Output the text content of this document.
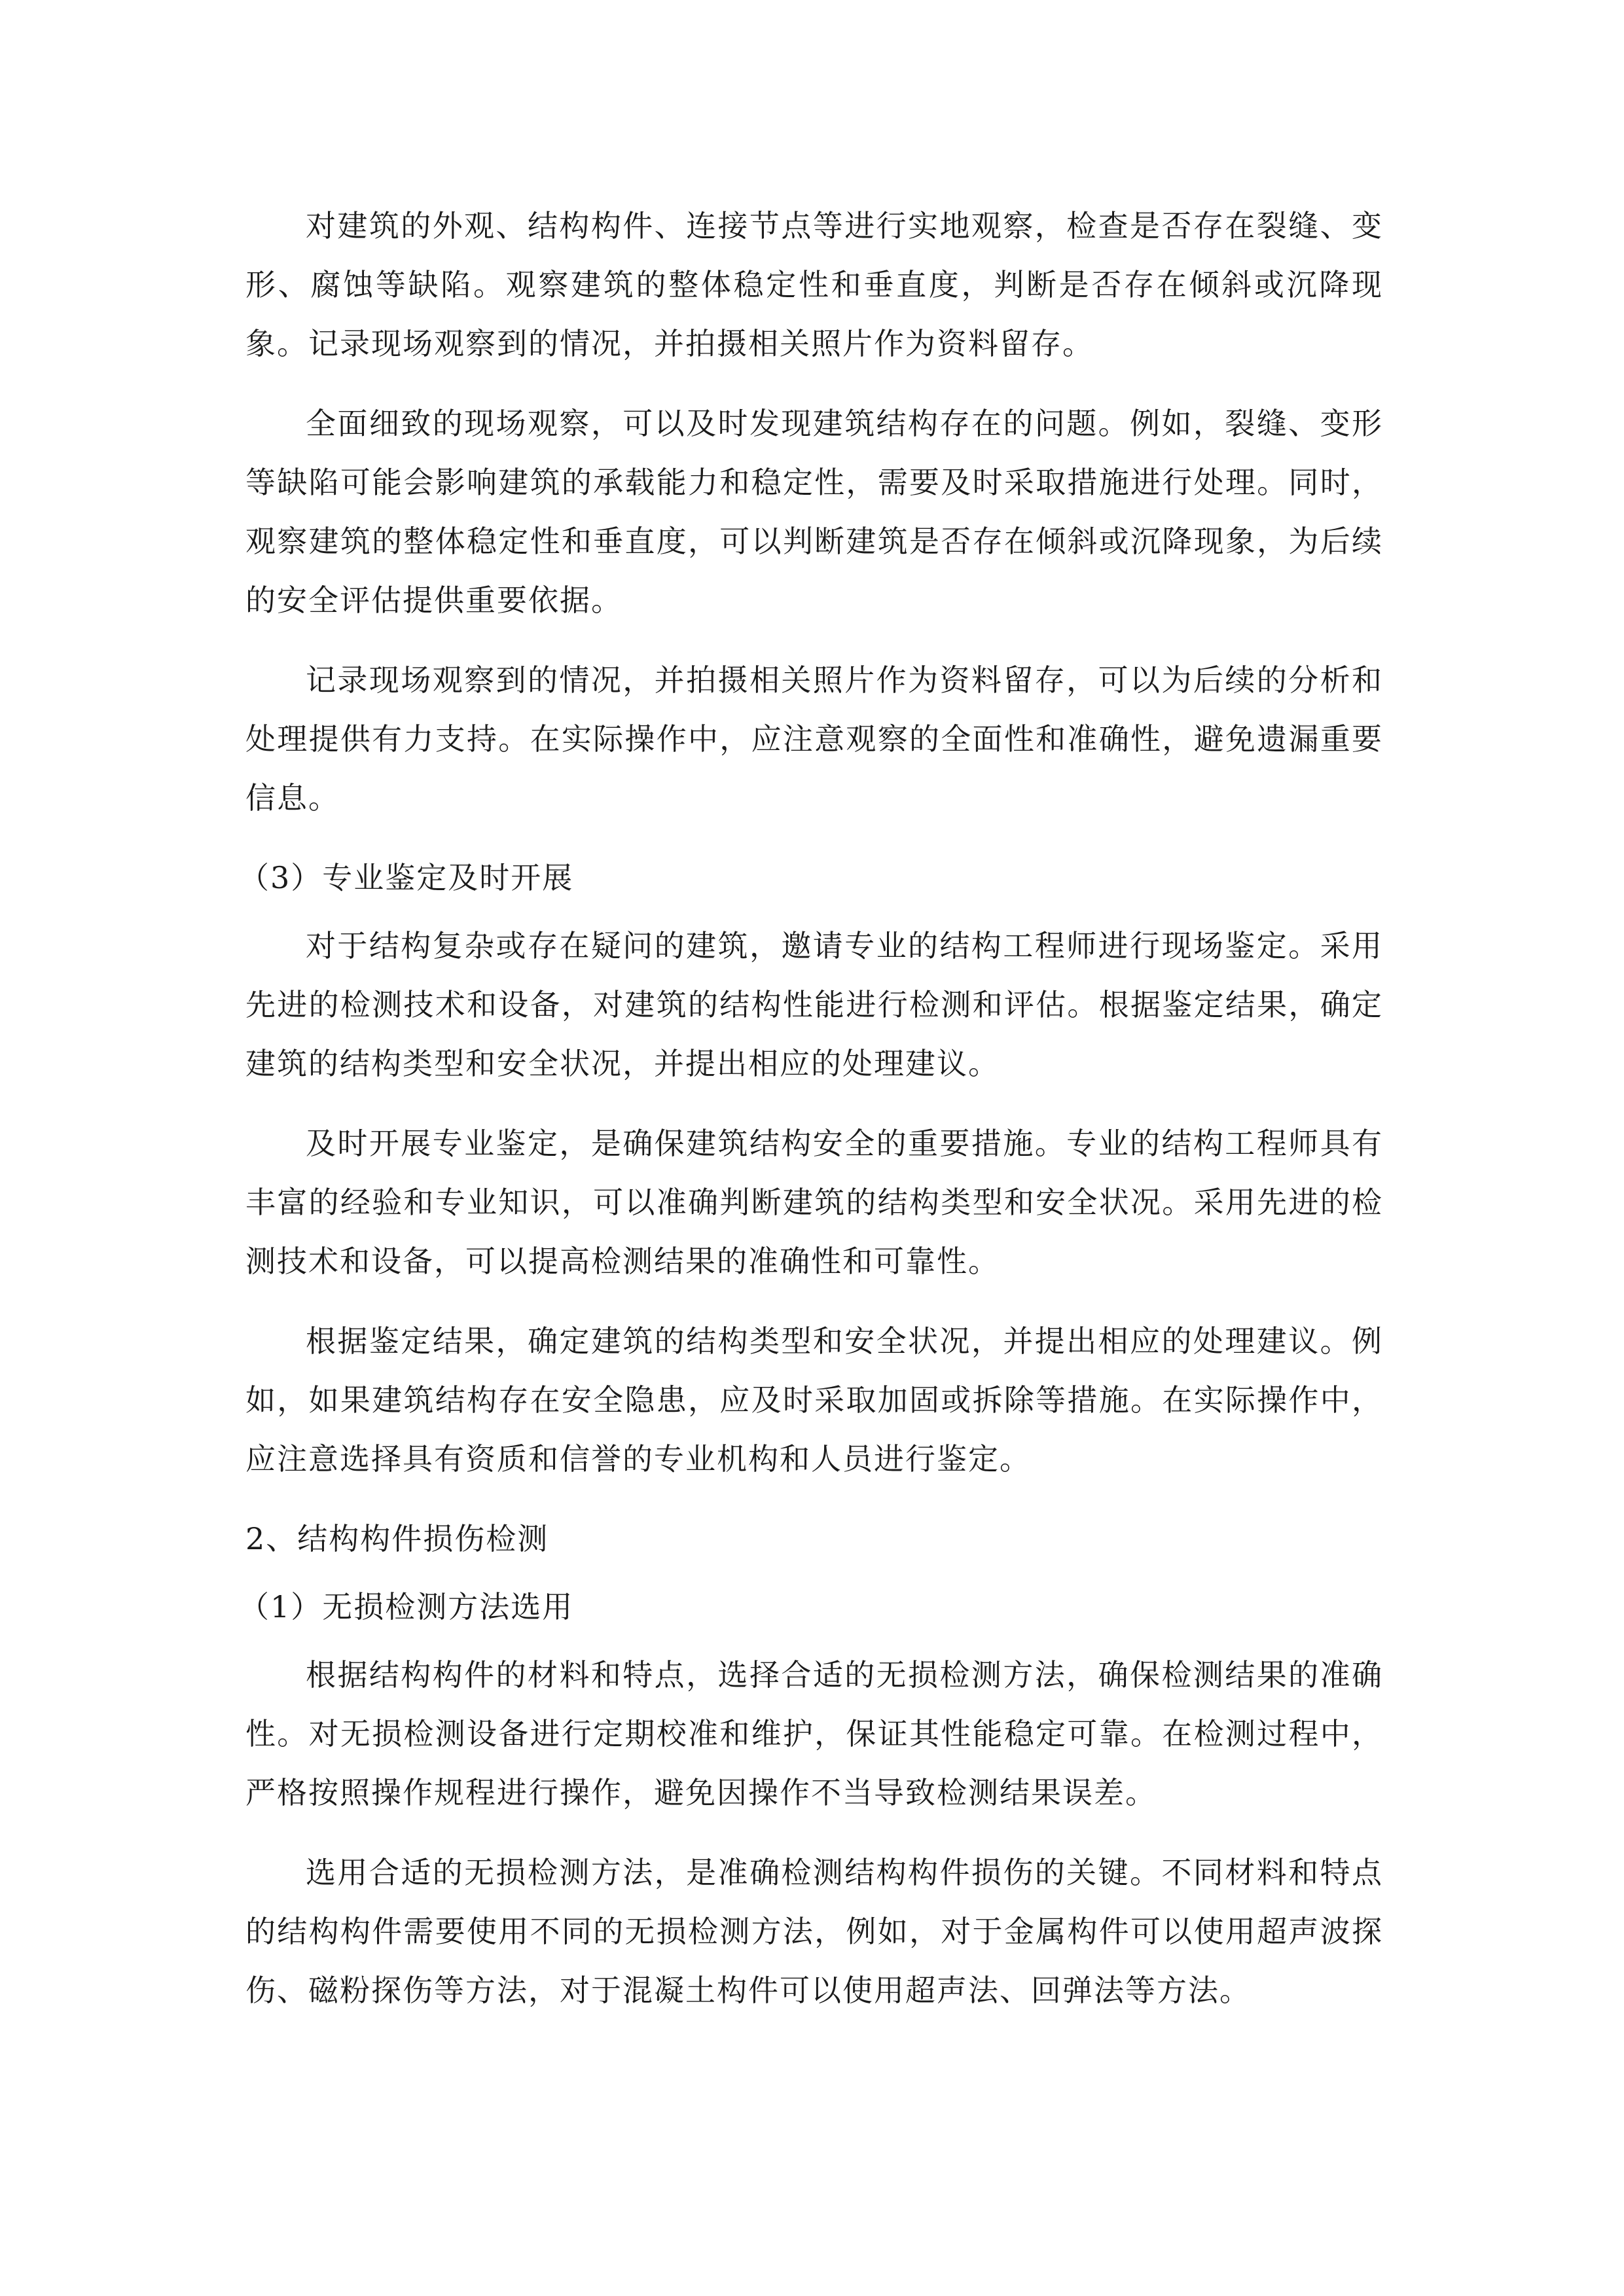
对建筑的外观、结构构件、连接节点等进行实地观察，检查是否存在裂缝、变形、腐蚀等缺陷。观察建筑的整体稳定性和垂直度，判断是否存在倾斜或沉降现象。记录现场观察到的情况，并拍摄相关照片作为资料留存。

全面细致的现场观察，可以及时发现建筑结构存在的问题。例如，裂缝、变形等缺陷可能会影响建筑的承载能力和稳定性，需要及时采取措施进行处理。同时，观察建筑的整体稳定性和垂直度，可以判断建筑是否存在倾斜或沉降现象，为后续的安全评估提供重要依据。

记录现场观察到的情况，并拍摄相关照片作为资料留存，可以为后续的分析和处理提供有力支持。在实际操作中，应注意观察的全面性和准确性，避免遗漏重要信息。

（3）专业鉴定及时开展

对于结构复杂或存在疑问的建筑，邀请专业的结构工程师进行现场鉴定。采用先进的检测技术和设备，对建筑的结构性能进行检测和评估。根据鉴定结果，确定建筑的结构类型和安全状况，并提出相应的处理建议。

及时开展专业鉴定，是确保建筑结构安全的重要措施。专业的结构工程师具有丰富的经验和专业知识，可以准确判断建筑的结构类型和安全状况。采用先进的检测技术和设备，可以提高检测结果的准确性和可靠性。

根据鉴定结果，确定建筑的结构类型和安全状况，并提出相应的处理建议。例如，如果建筑结构存在安全隐患，应及时采取加固或拆除等措施。在实际操作中，应注意选择具有资质和信誉的专业机构和人员进行鉴定。

2、结构构件损伤检测

（1）无损检测方法选用

根据结构构件的材料和特点，选择合适的无损检测方法，确保检测结果的准确性。对无损检测设备进行定期校准和维护，保证其性能稳定可靠。在检测过程中，严格按照操作规程进行操作，避免因操作不当导致检测结果误差。

选用合适的无损检测方法，是准确检测结构构件损伤的关键。不同材料和特点的结构构件需要使用不同的无损检测方法，例如，对于金属构件可以使用超声波探伤、磁粉探伤等方法，对于混凝土构件可以使用超声法、回弹法等方法。
